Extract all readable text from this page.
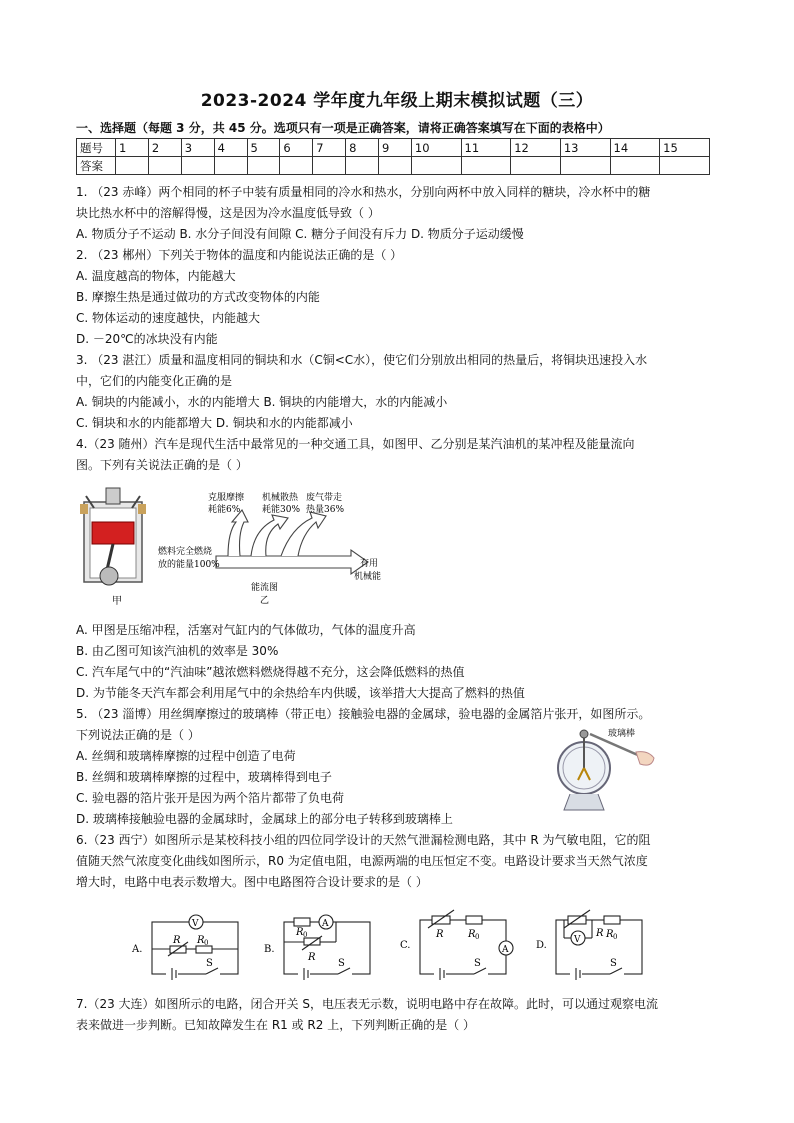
2023-2024 学年度九年级上期末模拟试题（三）
一、选择题（每题 3 分，共 45 分。选项只有一项是正确答案，请将正确答案填写在下面的表格中）
题号	1	2	3	4	5	6	7	8	9	10	11	12	13	14	15
答案															
1. （23 赤峰）两个相同的杯子中装有质量相同的冷水和热水，分别向两杯中放入同样的糖块，冷水杯中的糖
块比热水杯中的溶解得慢，这是因为冷水温度低导致（ ）
A. 物质分子不运动 B. 水分子间没有间隙 C. 糖分子间没有斥力 D. 物质分子运动缓慢
2. （23 郴州）下列关于物体的温度和内能说法正确的是（ ）
A. 温度越高的物体，内能越大
B. 摩擦生热是通过做功的方式改变物体的内能
C. 物体运动的速度越快，内能越大
D. －20℃的冰块没有内能
3. （23 湛江）质量和温度相同的铜块和水（C铜<C水），使它们分别放出相同的热量后，将铜块迅速投入水
中，它们的内能变化正确的是
A. 铜块的内能减小，水的内能增大 B. 铜块的内能增大，水的内能减小
C. 铜块和水的内能都增大 D. 铜块和水的内能都减小
4.（23 随州）汽车是现代生活中最常见的一种交通工具，如图甲、乙分别是某汽油机的某冲程及能量流向
图。下列有关说法正确的是（ ）
甲
克服摩擦
耗能6%
机械散热
耗能30%
废气带走
热量36%
燃料完全燃烧
放的能量100%	有用
机械能
能流图
乙
A. 甲图是压缩冲程，活塞对气缸内的气体做功，气体的温度升高
B. 由乙图可知该汽油机的效率是 30%
C. 汽车尾气中的“汽油味”越浓燃料燃烧得越不充分，这会降低燃料的热值
D. 为节能冬天汽车都会利用尾气中的余热给车内供暖，该举措大大提高了燃料的热值
5. （23 淄博）用丝绸摩擦过的玻璃棒（带正电）接触验电器的金属球，验电器的金属箔片张开，如图所示。
下列说法正确的是（ ）
A. 丝绸和玻璃棒摩擦的过程中创造了电荷
B. 丝绸和玻璃棒摩擦的过程中，玻璃棒得到电子
C. 验电器的箔片张开是因为两个箔片都带了负电荷
D. 玻璃棒接触验电器的金属球时，金属球上的部分电子转移到玻璃棒上
玻璃棒
6.（23 西宁）如图所示是某校科技小组的四位同学设计的天然气泄漏检测电路，其中 R 为气敏电阻，它的阻
值随天然气浓度变化曲线如图所示，R0 为定值电阻，电源两端的电压恒定不变。电路设计要求当天然气浓度
增大时，电路中电表示数增大。图中电路图符合设计要求的是（ ）
A.	B.	C.	D.
V
R R 0
S
A
R 0
R
S
R R 0
A
S
V
R R 0
S
7.（23 大连）如图所示的电路，闭合开关 S，电压表无示数，说明电路中存在故障。此时，可以通过观察电流
表来做进一步判断。已知故障发生在 R1 或 R2 上，下列判断正确的是（ ）
